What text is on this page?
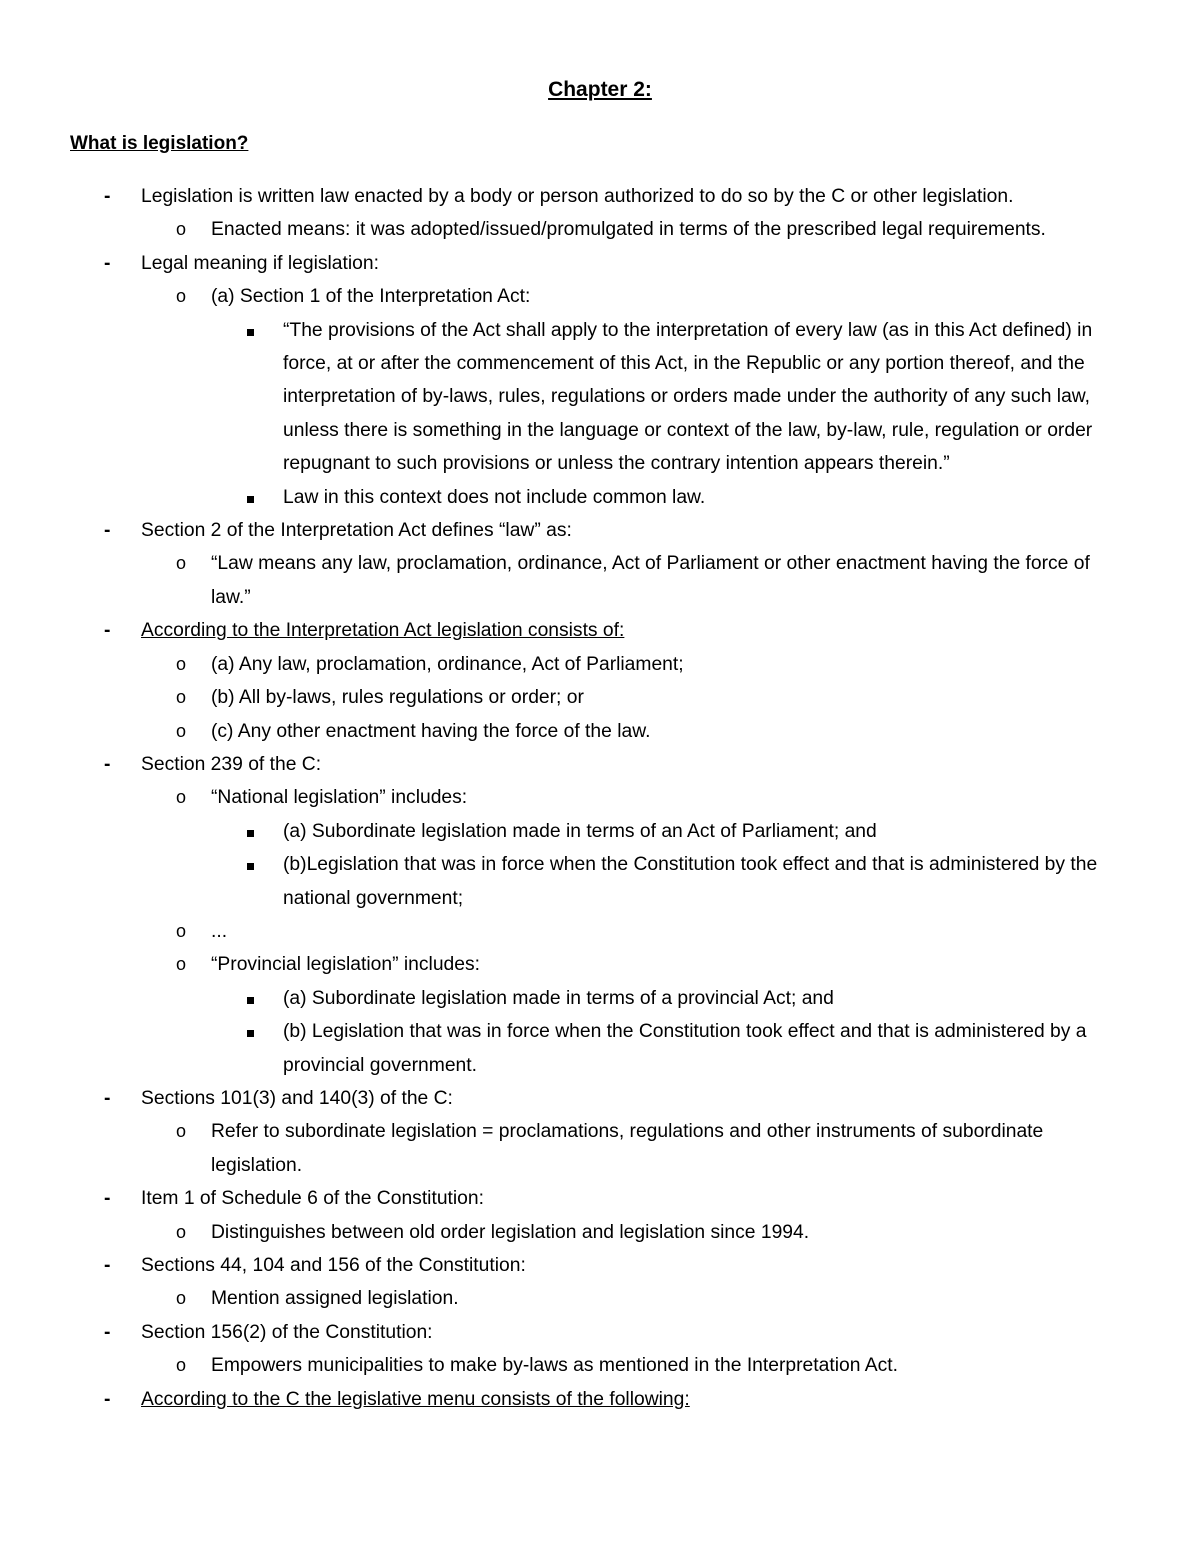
Chapter 2:
What is legislation?
-	Legislation is written law enacted by a body or person authorized to do so by the C or other legislation.
o	Enacted means: it was adopted/issued/promulgated in terms of the prescribed legal requirements.
-	Legal meaning if legislation:
o	(a) Section 1 of the Interpretation Act:
“The provisions of the Act shall apply to the interpretation of every law (as in this Act defined) in force, at or after the commencement of this Act, in the Republic or any portion thereof, and the interpretation of by-laws, rules, regulations or orders made under the authority of any such law, unless there is something in the language or context of the law, by-law, rule, regulation or order repugnant to such provisions or unless the contrary intention appears therein.”
Law in this context does not include common law.
-	Section 2 of the Interpretation Act defines “law” as:
o	“Law means any law, proclamation, ordinance, Act of Parliament or other enactment having the force of law.”
-	According to the Interpretation Act legislation consists of:
o	(a) Any law, proclamation, ordinance, Act of Parliament;
o	(b) All by-laws, rules regulations or order; or
o	(c) Any other enactment having the force of the law.
-	Section 239 of the C:
o	“National legislation” includes:
(a) Subordinate legislation made in terms of an Act of Parliament; and
(b)Legislation that was in force when the Constitution took effect and that is administered by the national government;
o	...
o	“Provincial legislation” includes:
(a) Subordinate legislation made in terms of a provincial Act; and
(b) Legislation that was in force when the Constitution took effect and that is administered by a provincial government.
-	Sections 101(3) and 140(3) of the C:
o	Refer to subordinate legislation = proclamations, regulations and other instruments of subordinate legislation.
-	Item 1 of Schedule 6 of the Constitution:
o	Distinguishes between old order legislation and legislation since 1994.
-	Sections 44, 104 and 156 of the Constitution:
o	Mention assigned legislation.
-	Section 156(2) of the Constitution:
o	Empowers municipalities to make by-laws as mentioned in the Interpretation Act.
-	According to the C the legislative menu consists of the following:
